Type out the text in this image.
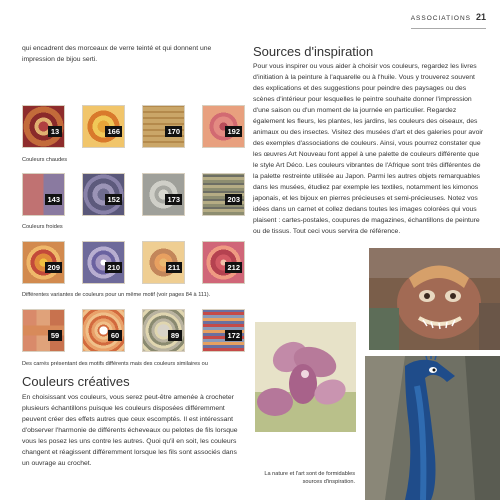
ASSOCIATIONS 21
qui encadrent des morceaux de verre teinté et qui donnent une impression de bijou serti.
13	166	170	192
Couleurs chaudes
143	152	173	203
Couleurs froides
209	210	211	212
Différentes variantes de couleurs pour un même motif (voir pages 84 à 111).
59	60	89	172
Des carrés présentant des motifs différents mais des couleurs similaires ou
Couleurs créatives
En choisissant vos couleurs, vous serez peut-être amenée à crocheter plusieurs échantillons puisque les couleurs disposées différemment peuvent créer des effets autres que ceux escomptés. Il est intéressant d'observer l'harmonie de différents écheveaux ou pelotes de fils lorsque vous les posez les uns contre les autres. Quoi qu'il en soit, les couleurs changent et réagissent différemment lorsque les fils sont associés dans un ouvrage au crochet.
Sources d'inspiration
Pour vous inspirer ou vous aider à choisir vos couleurs, regardez les livres d'initiation à la peinture à l'aquarelle ou à l'huile. Vous y trouverez souvent des explications et des suggestions pour peindre des paysages ou des scènes d'intérieur pour lesquelles le peintre souhaite donner l'impression d'une saison ou d'un moment de la journée en particulier. Regardez également les fleurs, les plantes, les jardins, les couleurs des oiseaux, des animaux ou des insectes. Visitez des musées d'art et des galeries pour avoir des exemples d'associations de couleurs. Ainsi, vous pourrez constater que les œuvres Art Nouveau font appel à une palette de couleurs différente que le style Art Déco. Les couleurs vibrantes de l'Afrique sont très différentes de la palette restreinte utilisée au Japon. Parmi les autres objets remarquables dans les musées, étudiez par exemple les textiles, notamment les kimonos japonais, et les bijoux en pierres précieuses et semi-précieuses. Notez vos idées dans un carnet et collez dedans toutes les images colorées qui vous plaisent : cartes-postales, coupures de magazines, échantillons de peinture ou de tissus. Tout ceci vous servira de référence.
La nature et l'art sont de formidables sources d'inspiration.
